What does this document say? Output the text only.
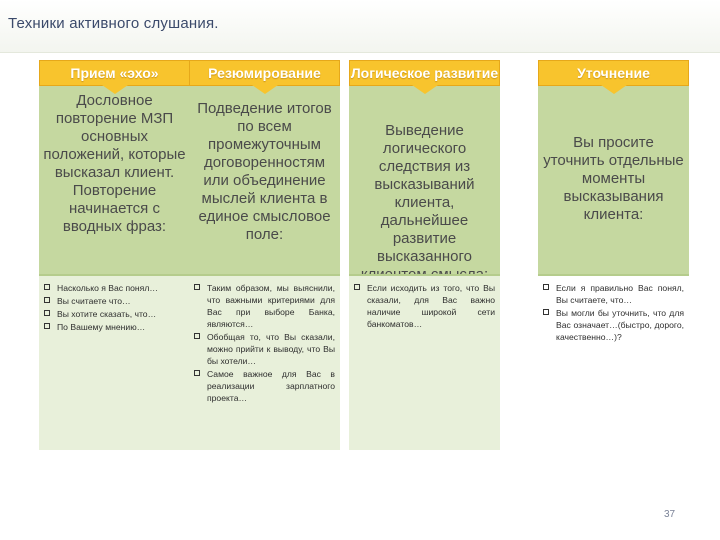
Техники активного слушания.
Прием «эхо»
Дословное повторение МЗП основных положений, которые высказал клиент. Повторение начинается с вводных фраз:
Насколько я Вас понял…
Вы считаете что…
Вы хотите сказать, что…
По Вашему мнению…
Резюмирование
Подведение итогов по всем промежуточным договоренностям или объединение мыслей клиента в единое смысловое поле:
Таким образом, мы выяснили, что важными критериями для Вас при выборе Банка, являются…
Обобщая то, что Вы сказали, можно прийти к выводу, что Вы бы хотели…
Самое важное для Вас в реализации зарплатного проекта…
Логическое развитие
Выведение логического следствия из высказываний клиента, дальнейшее развитие высказанного
Если исходить из того, что Вы сказали, для Вас важно наличие широкой сети банкоматов…
Уточнение
Вы просите уточнить отдельные моменты высказывания клиента:
Если я правильно Вас понял, Вы считаете, что…
Вы могли бы уточнить, что для Вас означает…(быстро, дорого, качественно…)?
37
